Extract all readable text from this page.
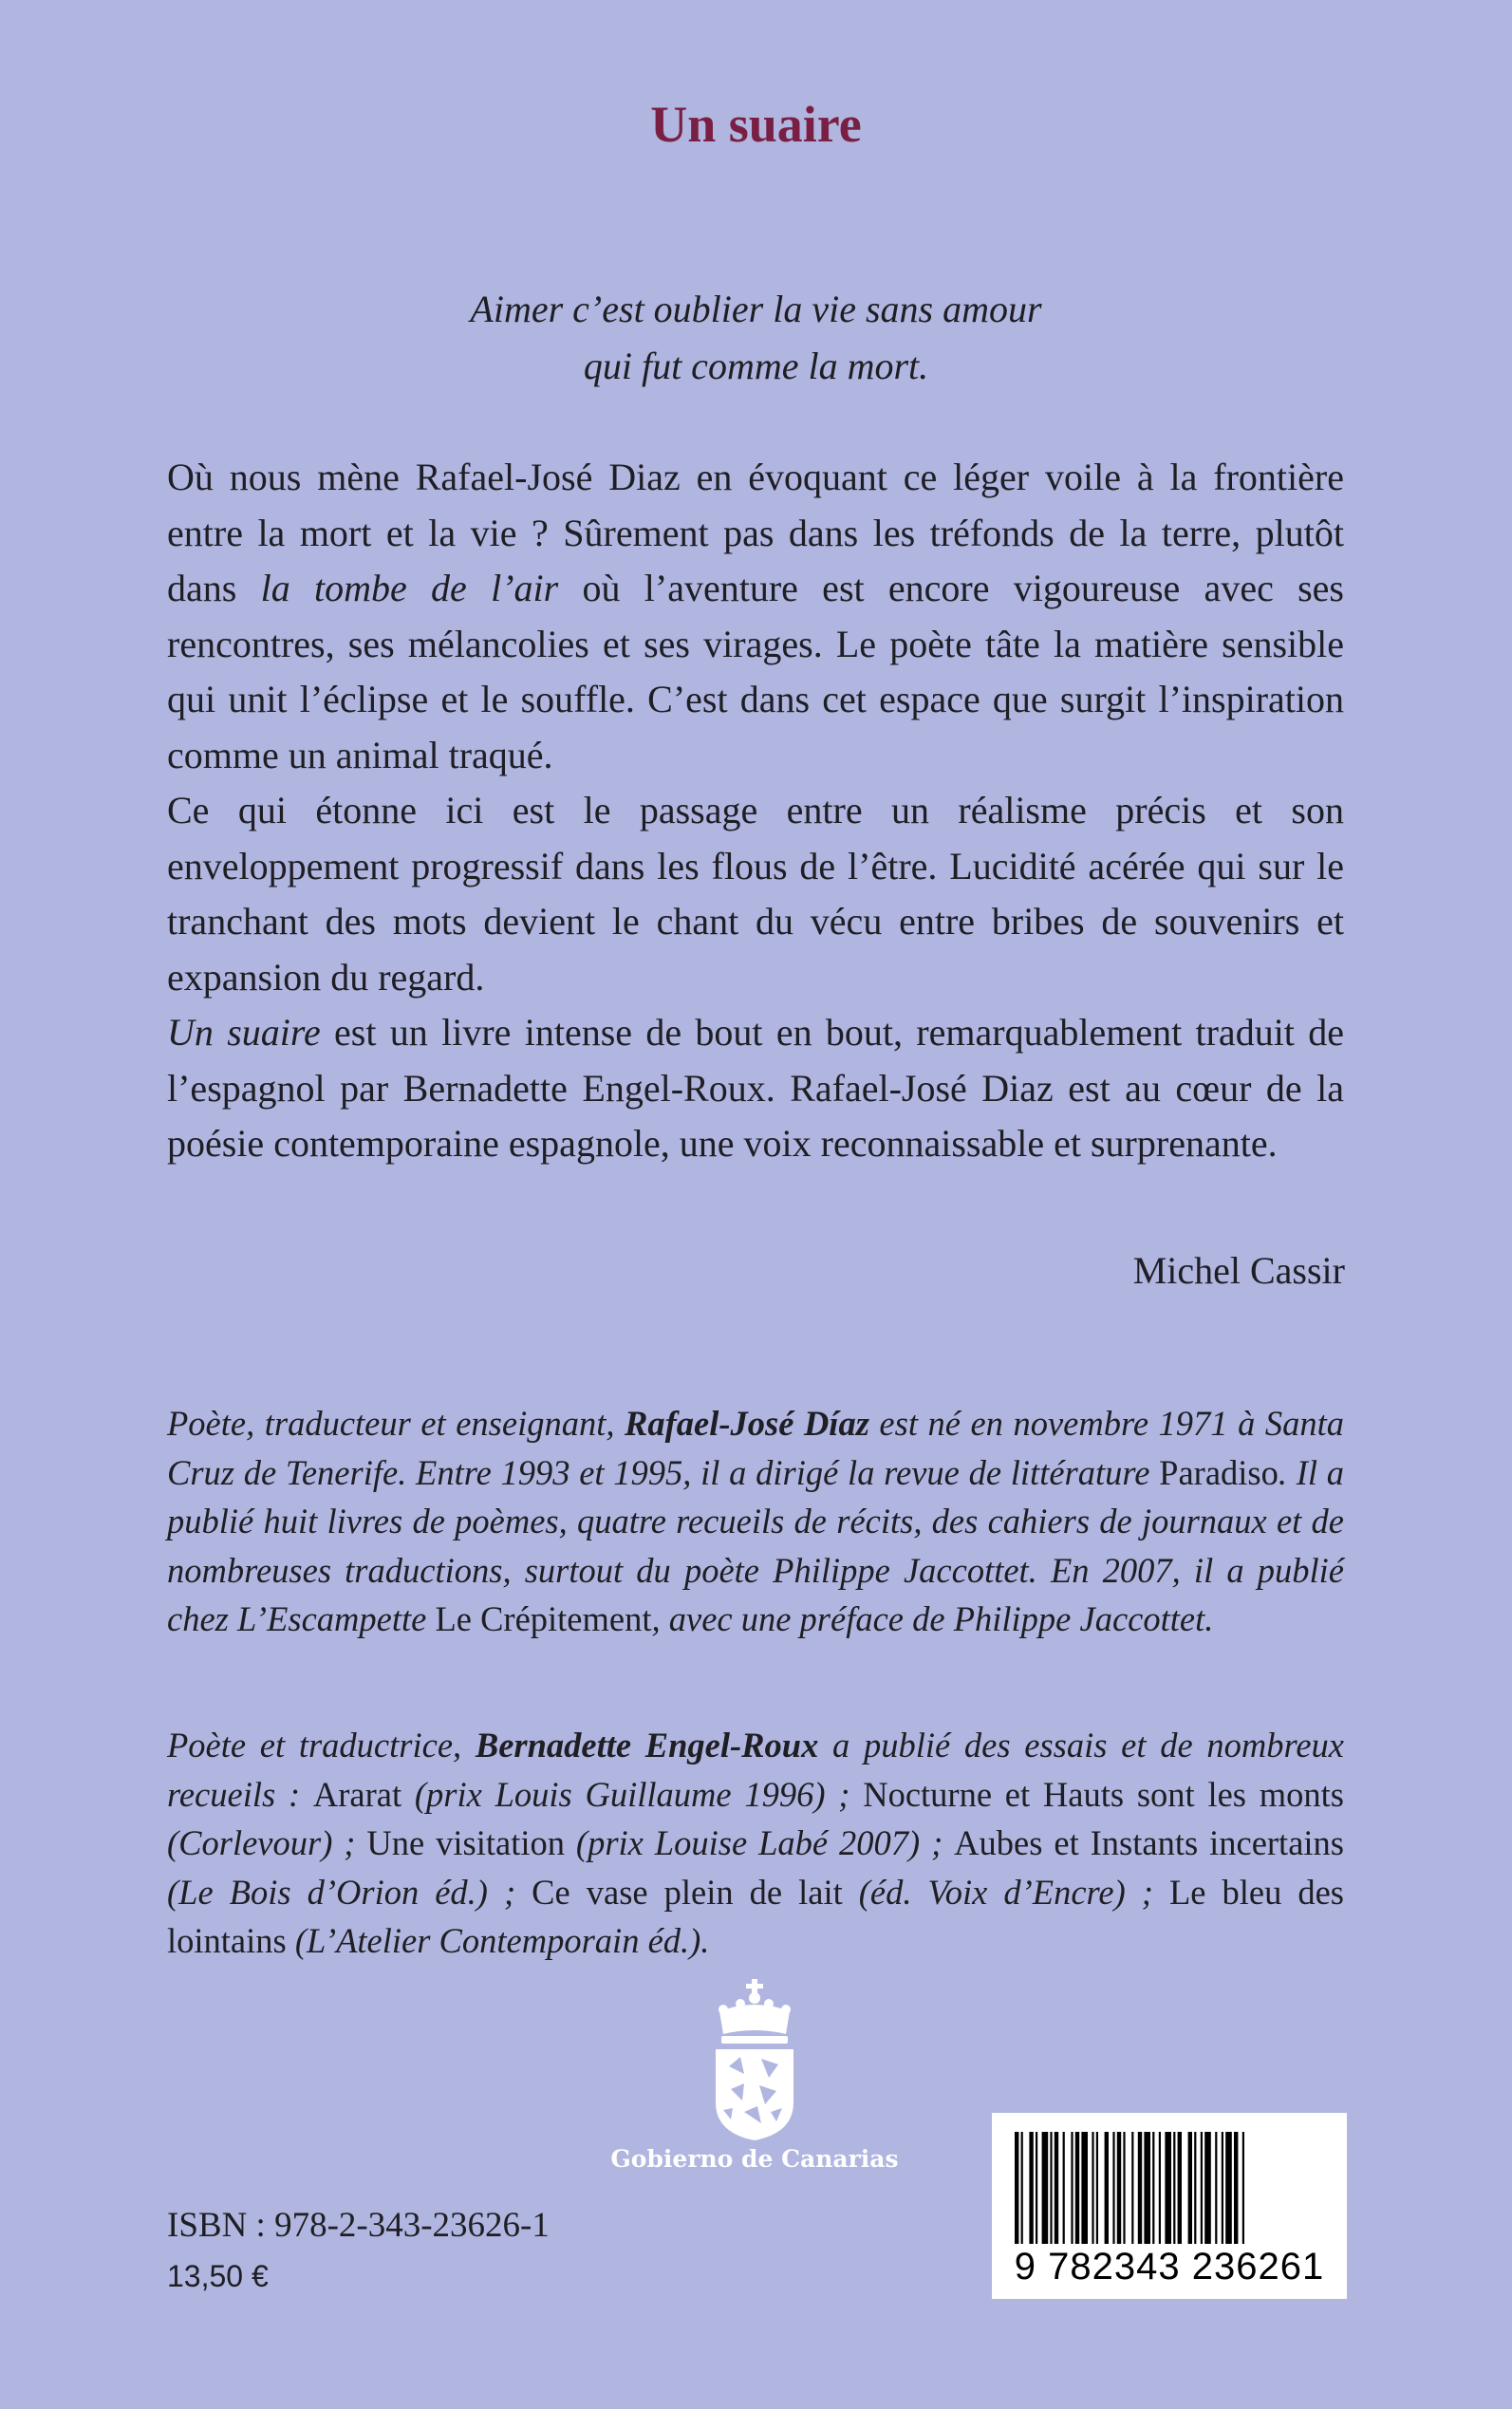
Un suaire
Aimer c’est oublier la vie sans amour
qui fut comme la mort.

Où nous mène Rafael-José Diaz en évoquant ce léger voile à la frontière entre la mort et la vie ? Sûrement pas dans les tréfonds de la terre, plutôt dans la tombe de l’air où l’aventure est encore vigoureuse avec ses rencontres, ses mélancolies et ses virages. Le poète tâte la matière sensible qui unit l’éclipse et le souffle. C’est dans cet espace que surgit l’inspiration comme un animal traqué.

Ce qui étonne ici est le passage entre un réalisme précis et son enveloppement progressif dans les flous de l’être. Lucidité acérée qui sur le tranchant des mots devient le chant du vécu entre bribes de souvenirs et expansion du regard.

Un suaire est un livre intense de bout en bout, remarquablement traduit de l’espagnol par Bernadette Engel-Roux. Rafael-José Diaz est au cœur de la poésie contemporaine espagnole, une voix reconnaissable et surprenante.

Michel Cassir
Poète, traducteur et enseignant, Rafael-José Díaz est né en novembre 1971 à Santa Cruz de Tenerife. Entre 1993 et 1995, il a dirigé la revue de littérature Paradiso. Il a publié huit livres de poèmes, quatre recueils de récits, des cahiers de journaux et de nombreuses traductions, surtout du poète Philippe Jaccottet. En 2007, il a publié chez L’Escampette Le Crépitement, avec une préface de Philippe Jaccottet.
Poète et traductrice, Bernadette Engel-Roux a publié des essais et de nombreux recueils : Ararat (prix Louis Guillaume 1996) ; Nocturne et Hauts sont les monts (Corlevour) ; Une visitation (prix Louise Labé 2007) ; Aubes et Instants incertains (Le Bois d’Orion éd.) ; Ce vase plein de lait (éd. Voix d’Encre) ; Le bleu des lointains (L’Atelier Contemporain éd.).
Gobierno de Canarias
ISBN : 978-2-343-23626-1
13,50 €	9 782343 236261
